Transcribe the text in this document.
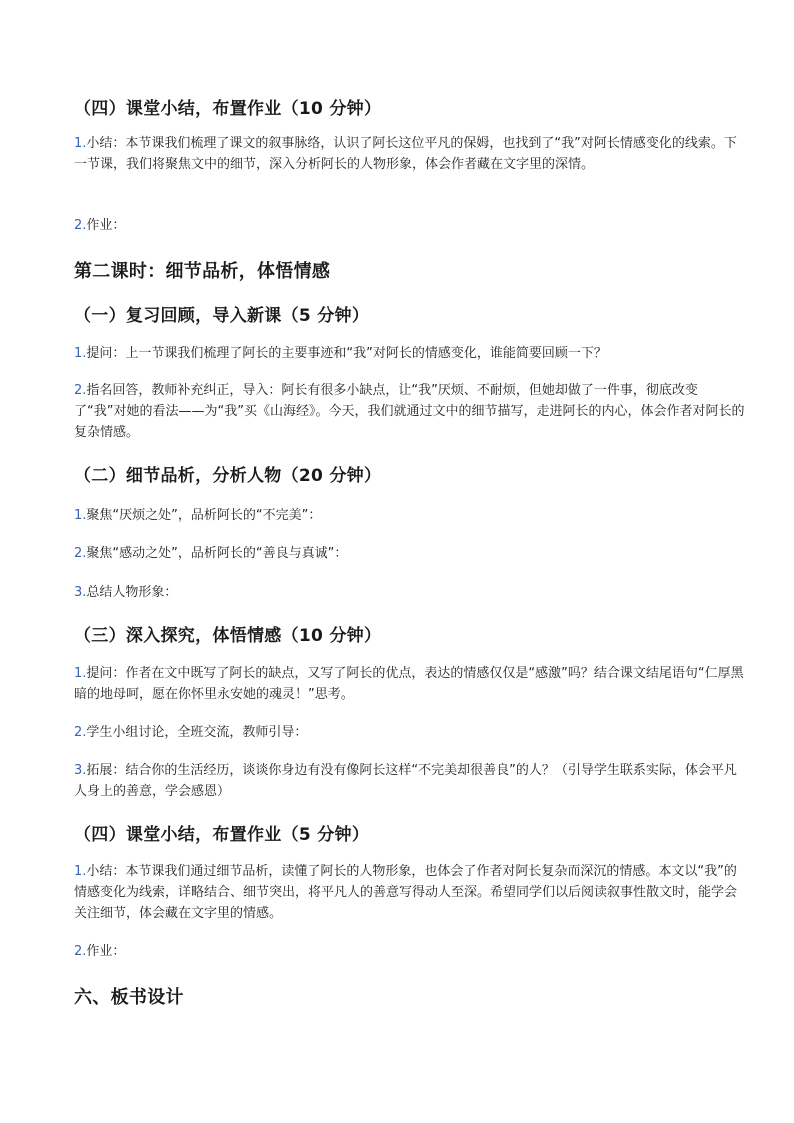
（四）课堂小结，布置作业（10 分钟）
1.小结：本节课我们梳理了课文的叙事脉络，认识了阿长这位平凡的保姆，也找到了“我”对阿长情感变化的线索。下一节课，我们将聚焦文中的细节，深入分析阿长的人物形象，体会作者藏在文字里的深情。
2.作业：
第二课时：细节品析，体悟情感
（一）复习回顾，导入新课（5 分钟）
1.提问：上一节课我们梳理了阿长的主要事迹和“我”对阿长的情感变化，谁能简要回顾一下？
2.指名回答，教师补充纠正，导入：阿长有很多小缺点，让“我”厌烦、不耐烦，但她却做了一件事，彻底改变了“我”对她的看法——为“我”买《山海经》。今天，我们就通过文中的细节描写，走进阿长的内心，体会作者对阿长的复杂情感。
（二）细节品析，分析人物（20 分钟）
1.聚焦“厌烦之处”，品析阿长的“不完美”：
2.聚焦“感动之处”，品析阿长的“善良与真诚”：
3.总结人物形象：
（三）深入探究，体悟情感（10 分钟）
1.提问：作者在文中既写了阿长的缺点，又写了阿长的优点，表达的情感仅仅是“感激”吗？结合课文结尾语句“仁厚黑暗的地母呵，愿在你怀里永安她的魂灵！”思考。
2.学生小组讨论，全班交流，教师引导：
3.拓展：结合你的生活经历，谈谈你身边有没有像阿长这样“不完美却很善良”的人？（引导学生联系实际，体会平凡人身上的善意，学会感恩）
（四）课堂小结，布置作业（5 分钟）
1.小结：本节课我们通过细节品析，读懂了阿长的人物形象，也体会了作者对阿长复杂而深沉的情感。本文以“我”的情感变化为线索，详略结合、细节突出，将平凡人的善意写得动人至深。希望同学们以后阅读叙事性散文时，能学会关注细节，体会藏在文字里的情感。
2.作业：
六、板书设计
